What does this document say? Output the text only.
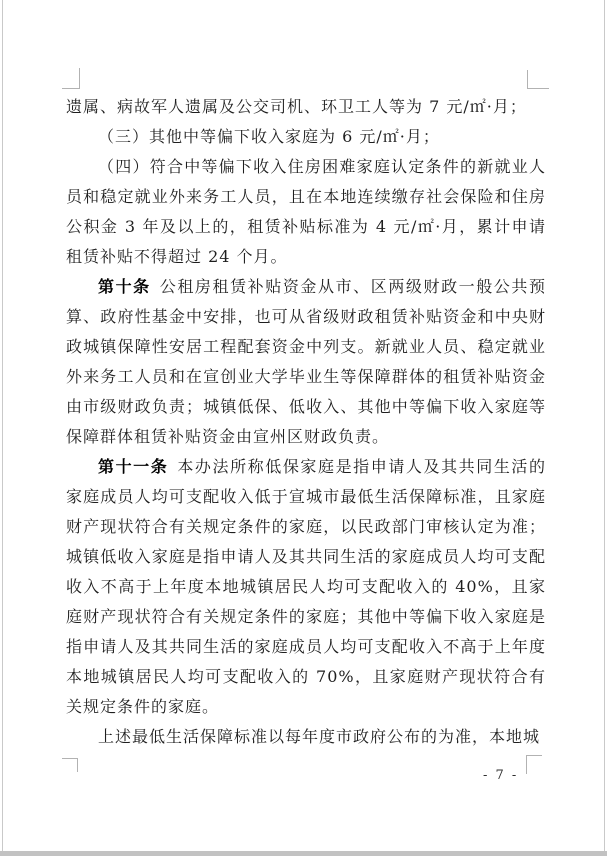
遗属、病故军人遗属及公交司机、环卫工人等为 7 元/㎡·月；

（三）其他中等偏下收入家庭为 6 元/㎡·月；

（四）符合中等偏下收入住房困难家庭认定条件的新就业人员和稳定就业外来务工人员，且在本地连续缴存社会保险和住房公积金 3 年及以上的，租赁补贴标准为 4 元/㎡·月，累计申请租赁补贴不得超过 24 个月。

第十条 公租房租赁补贴资金从市、区两级财政一般公共预算、政府性基金中安排，也可从省级财政租赁补贴资金和中央财政城镇保障性安居工程配套资金中列支。新就业人员、稳定就业外来务工人员和在宣创业大学毕业生等保障群体的租赁补贴资金由市级财政负责；城镇低保、低收入、其他中等偏下收入家庭等保障群体租赁补贴资金由宣州区财政负责。

第十一条 本办法所称低保家庭是指申请人及其共同生活的家庭成员人均可支配收入低于宣城市最低生活保障标准，且家庭财产现状符合有关规定条件的家庭，以民政部门审核认定为准；城镇低收入家庭是指申请人及其共同生活的家庭成员人均可支配收入不高于上年度本地城镇居民人均可支配收入的 40%，且家庭财产现状符合有关规定条件的家庭；其他中等偏下收入家庭是指申请人及其共同生活的家庭成员人均可支配收入不高于上年度本地城镇居民人均可支配收入的 70%，且家庭财产现状符合有关规定条件的家庭。

上述最低生活保障标准以每年度市政府公布的为准，本地城

- 7 -
